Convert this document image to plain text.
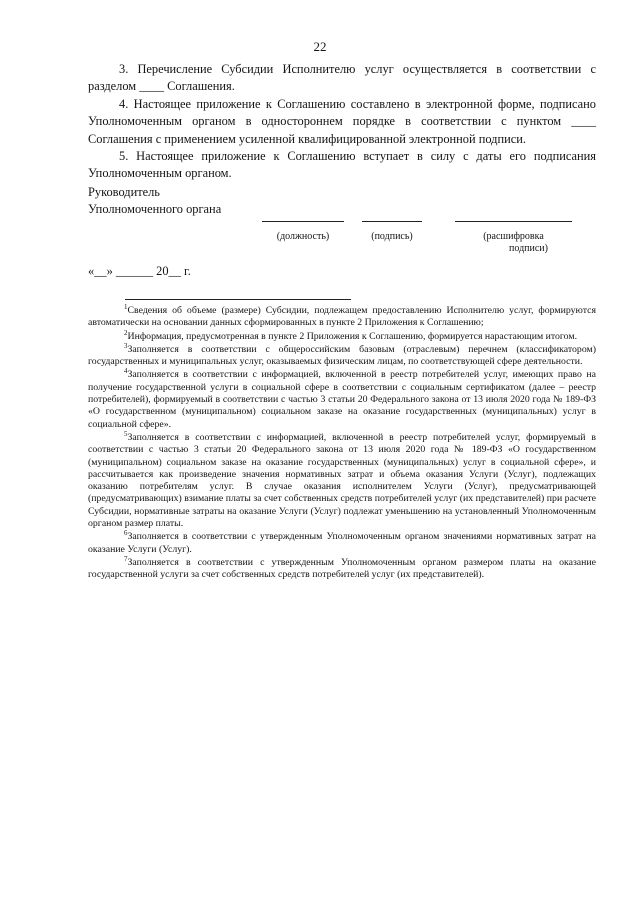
22

3. Перечисление Субсидии Исполнителю услуг осуществляется в соответствии с разделом ____ Соглашения.

4. Настоящее приложение к Соглашению составлено в электронной форме, подписано Уполномоченным органом в одностороннем порядке в соответствии с пунктом ____ Соглашения с применением усиленной квалифицированной электронной подписи.

5. Настоящее приложение к Соглашению вступает в силу с даты его подписания Уполномоченным органом.

Руководитель
Уполномоченного органа
(должность)	(подпись)	(расшифровка
подписи)
«__» ______ 20__ г.

$^1$Сведения об объеме (размере) Субсидии, подлежащем предоставлению Исполнителю услуг, формируются автоматически на основании данных сформированных в пункте 2 Приложения к Соглашению;

$^2$Информация, предусмотренная в пункте 2 Приложения к Соглашению, формируется нарастающим итогом.

$^3$Заполняется в соответствии с общероссийским базовым (отраслевым) перечнем (классификатором) государственных и муниципальных услуг, оказываемых физическим лицам, по соответствующей сфере деятельности.

$^4$Заполняется в соответствии с информацией, включенной в реестр потребителей услуг, имеющих право на получение государственной услуги в социальной сфере в соответствии с социальным сертификатом (далее – реестр потребителей), формируемый в соответствии с частью 3 статьи 20 Федерального закона от 13 июля 2020 года № 189-ФЗ «О государственном (муниципальном) социальном заказе на оказание государственных (муниципальных) услуг в социальной сфере».

$^5$Заполняется в соответствии с информацией, включенной в реестр потребителей услуг, формируемый в соответствии с частью 3 статьи 20 Федерального закона от 13 июля 2020 года № 189-ФЗ «О государственном (муниципальном) социальном заказе на оказание государственных (муниципальных) услуг в социальной сфере», и рассчитывается как произведение значения нормативных затрат и объема оказания Услуги (Услуг), подлежащих оказанию потребителям услуг. В случае оказания исполнителем Услуги (Услуг), предусматривающей (предусматривающих) взимание платы за счет собственных средств потребителей услуг (их представителей) при расчете Субсидии, нормативные затраты на оказание Услуги (Услуг) подлежат уменьшению на установленный Уполномоченным органом размер платы.

$^6$Заполняется в соответствии с утвержденным Уполномоченным органом значениями нормативных затрат на оказание Услуги (Услуг).

$^7$Заполняется в соответствии с утвержденным Уполномоченным органом размером платы на оказание государственной услуги за счет собственных средств потребителей услуг (их представителей).
